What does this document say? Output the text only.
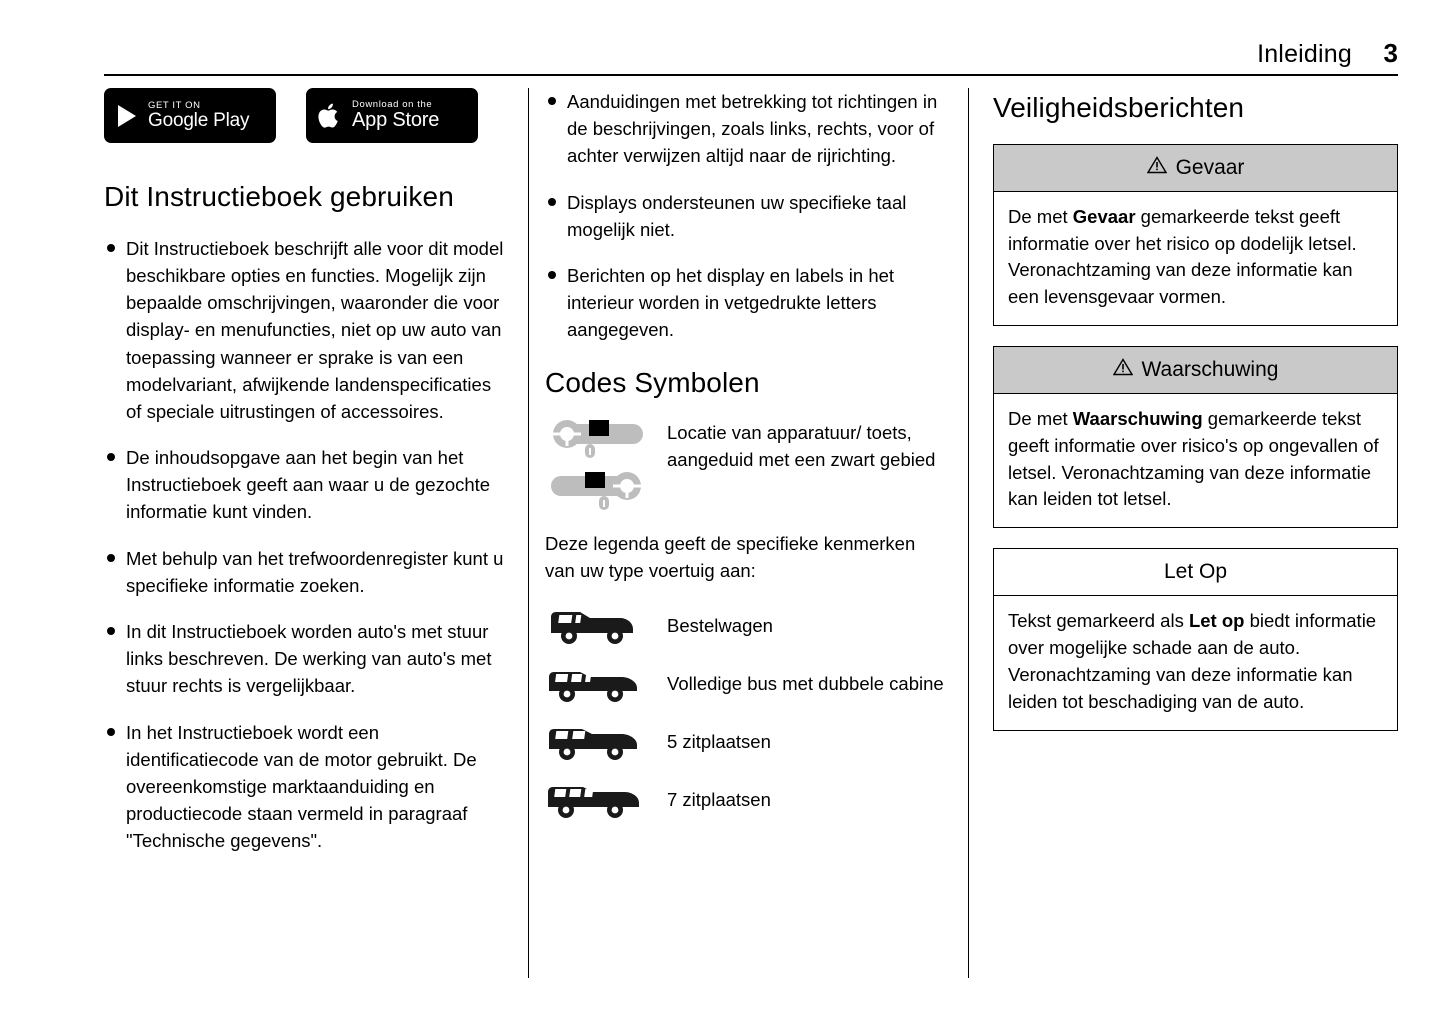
Inleiding 3
GET IT ON
Google Play
Download on the
App Store
Dit Instructieboek gebruiken
Dit Instructieboek beschrijft alle voor dit model beschikbare opties en functies. Mogelijk zijn bepaalde omschrijvingen, waaronder die voor display- en menufuncties, niet op uw auto van toepassing wanneer er sprake is van een modelvariant, afwijkende landenspecificaties of speciale uitrustingen of accessoires.
De inhoudsopgave aan het begin van het Instructieboek geeft aan waar u de gezochte informatie kunt vinden.
Met behulp van het trefwoordenregister kunt u specifieke informatie zoeken.
In dit Instructieboek worden auto's met stuur links beschreven. De werking van auto's met stuur rechts is vergelijkbaar.
In het Instructieboek wordt een identificatiecode van de motor gebruikt. De overeenkomstige marktaanduiding en productiecode staan vermeld in paragraaf "Technische gegevens".
Aanduidingen met betrekking tot richtingen in de beschrijvingen, zoals links, rechts, voor of achter verwijzen altijd naar de rijrichting.
Displays ondersteunen uw specifieke taal mogelijk niet.
Berichten op het display en labels in het interieur worden in vetgedrukte letters aangegeven.
Codes Symbolen
Locatie van apparatuur/ toets, aangeduid met een zwart gebied

Deze legenda geeft de specifieke kenmerken van uw type voertuig aan:

Bestelwagen
Volledige bus met dubbele cabine
5 zitplaatsen
7 zitplaatsen
Veiligheidsberichten
Gevaar
De met Gevaar gemarkeerde tekst geeft informatie over het risico op dodelijk letsel. Veronachtzaming van deze informatie kan een levensgevaar vormen.
Waarschuwing
De met Waarschuwing gemarkeerde tekst geeft informatie over risico's op ongevallen of letsel. Veronachtzaming van deze informatie kan leiden tot letsel.
Let Op
Tekst gemarkeerd als Let op biedt informatie over mogelijke schade aan de auto. Veronachtzaming van deze informatie kan leiden tot beschadiging van de auto.
